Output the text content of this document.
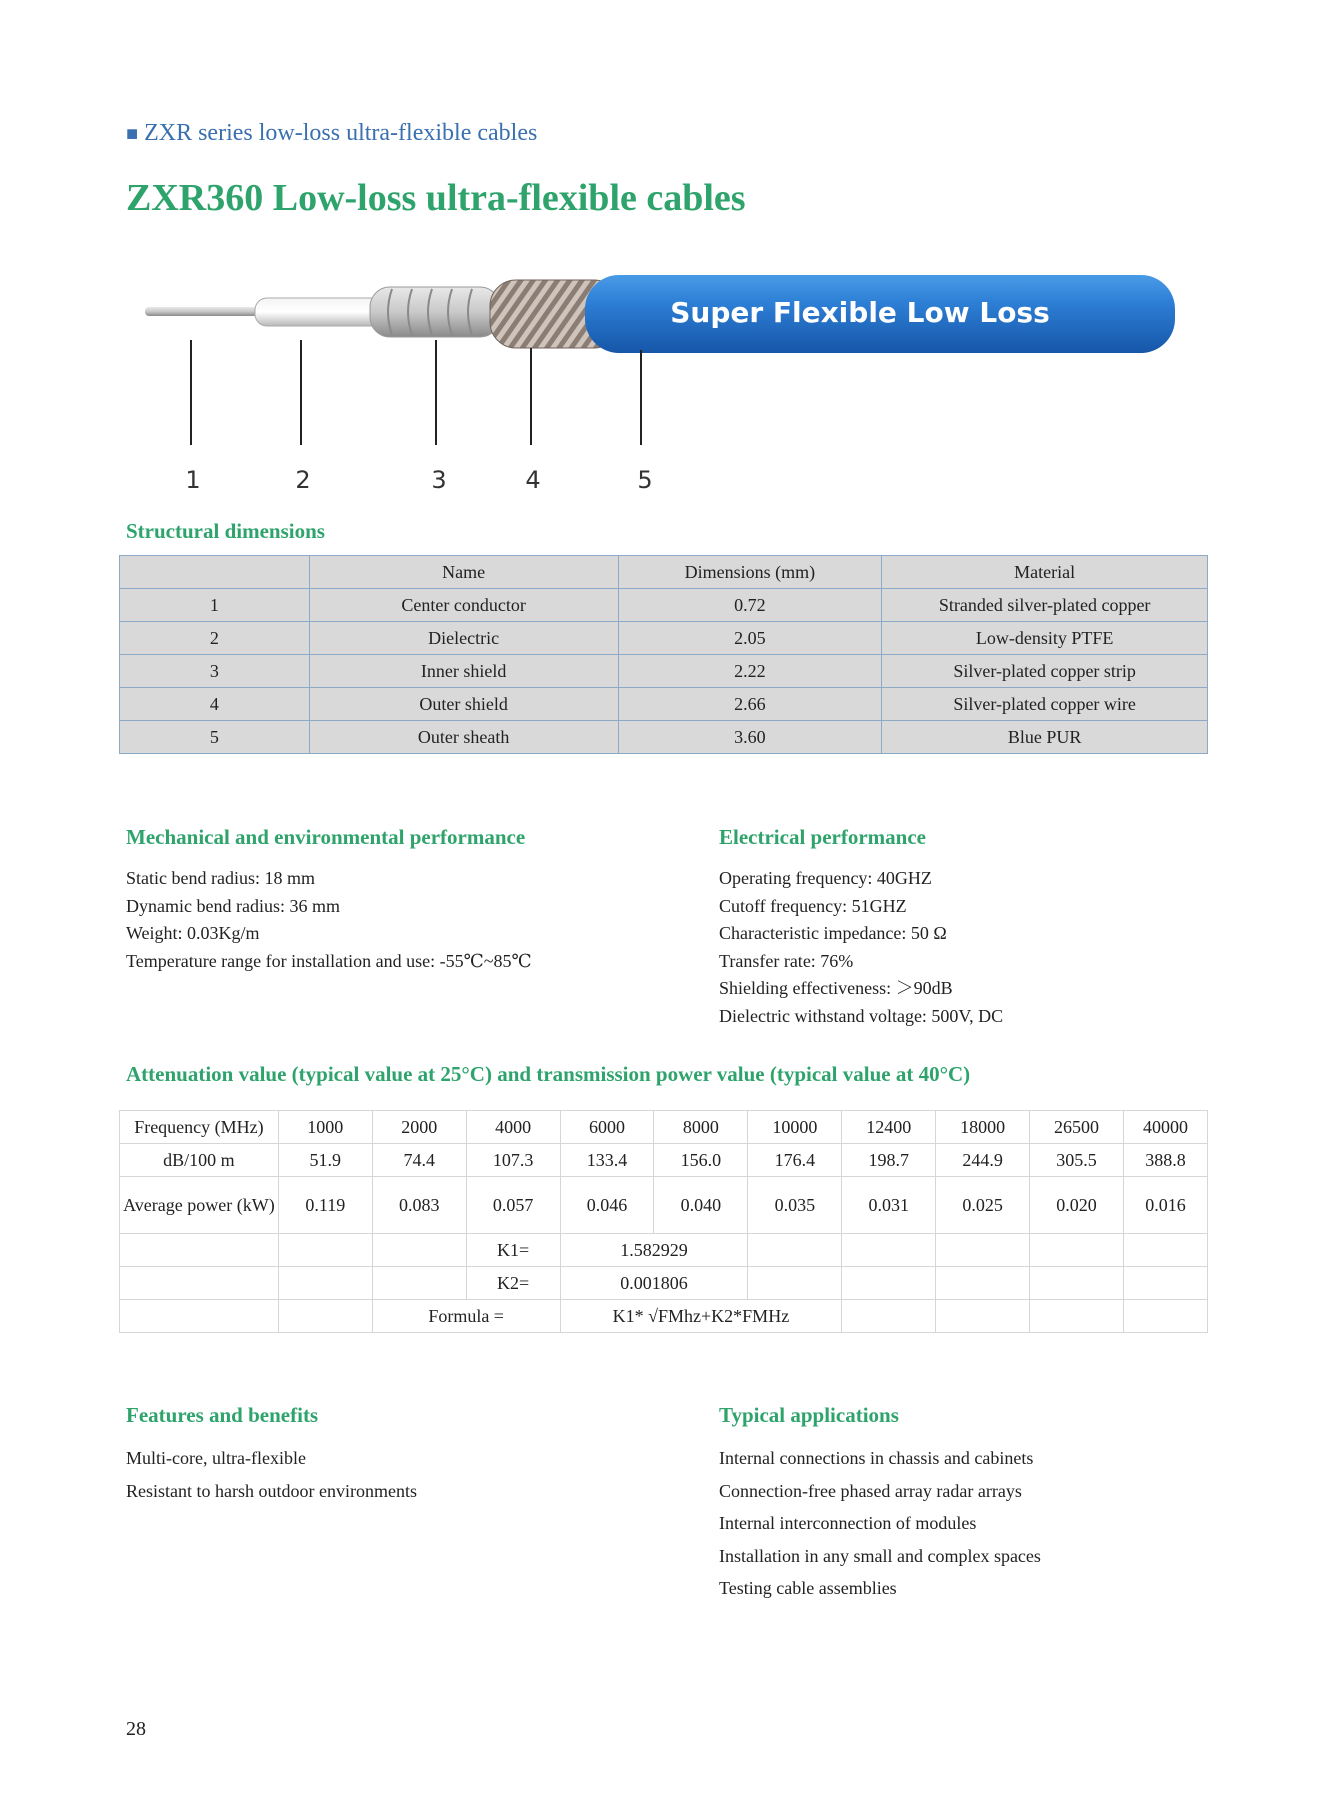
■ ZXR series low-loss ultra-flexible cables
ZXR360 Low-loss ultra-flexible cables
Super Flexible Low Loss
1	2	3	4	5
Structural dimensions
	Name	Dimensions (mm)	Material
1	Center conductor	0.72	Stranded silver-plated copper
2	Dielectric	2.05	Low-density PTFE
3	Inner shield	2.22	Silver-plated copper strip
4	Outer shield	2.66	Silver-plated copper wire
5	Outer sheath	3.60	Blue PUR
Mechanical and environmental performance
Static bend radius: 18 mm
Dynamic bend radius: 36 mm
Weight: 0.03Kg/m
Temperature range for installation and use: -55℃~85℃
Electrical performance
Operating frequency: 40GHZ
Cutoff frequency: 51GHZ
Characteristic impedance: 50 Ω
Transfer rate: 76%
Shielding effectiveness: ＞90dB
Dielectric withstand voltage: 500V, DC
Attenuation value (typical value at 25°C) and transmission power value (typical value at 40°C)
Frequency (MHz)	1000	2000	4000	6000	8000	10000	12400	18000	26500	40000
dB/100 m	51.9	74.4	107.3	133.4	156.0	176.4	198.7	244.9	305.5	388.8
Average power (kW)	0.119	0.083	0.057	0.046	0.040	0.035	0.031	0.025	0.020	0.016
			K1=	1.582929						
			K2=	0.001806						
		Formula =		K1* √FMhz+K2*FMHz						
Features and benefits
Multi-core, ultra-flexible
Resistant to harsh outdoor environments
Typical applications
Internal connections in chassis and cabinets
Connection-free phased array radar arrays
Internal interconnection of modules
Installation in any small and complex spaces
Testing cable assemblies
28
